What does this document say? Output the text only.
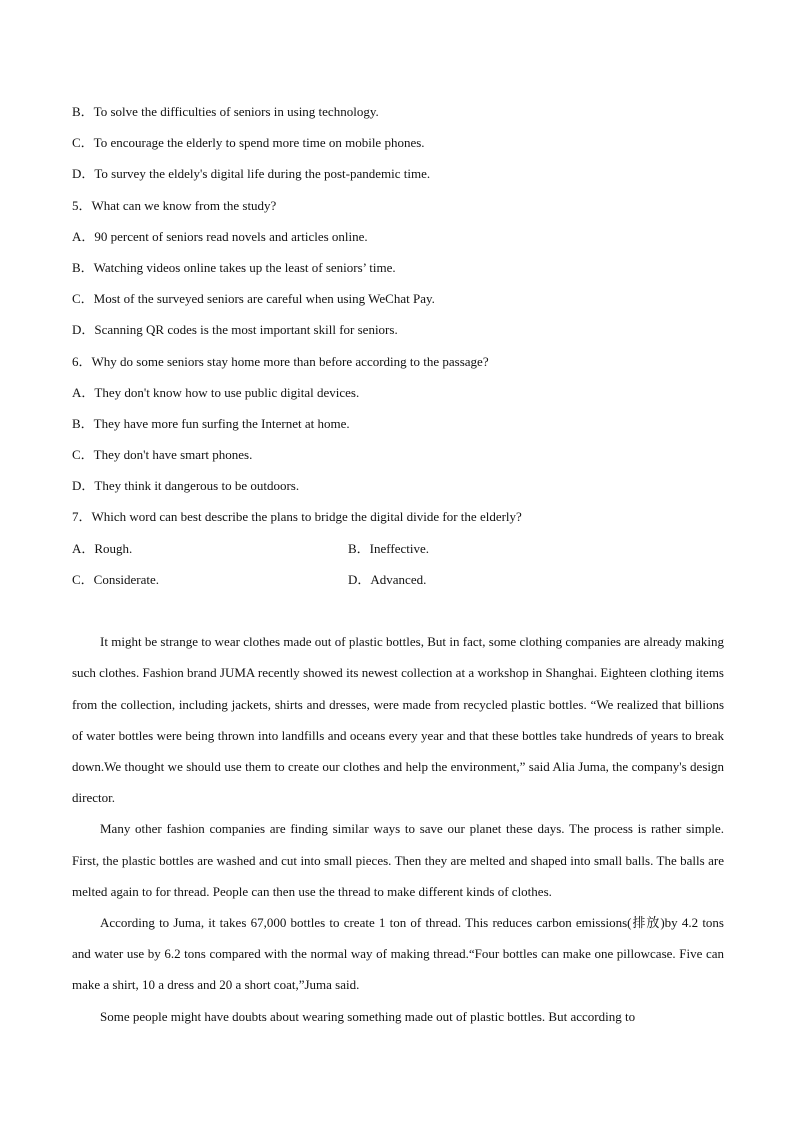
B．To solve the difficulties of seniors in using technology.
C．To encourage the elderly to spend more time on mobile phones.
D．To survey the eldely's digital life during the post-pandemic time.
5．What can we know from the study?
A．90 percent of seniors read novels and articles online.
B．Watching videos online takes up the least of seniors’ time.
C．Most of the surveyed seniors are careful when using WeChat Pay.
D．Scanning QR codes is the most important skill for seniors.
6．Why do some seniors stay home more than before according to the passage?
A．They don't know how to use public digital devices.
B．They have more fun surfing the Internet at home.
C．They don't have smart phones.
D．They think it dangerous to be outdoors.
7．Which word can best describe the plans to bridge the digital divide for the elderly?
A．Rough.	B．Ineffective.
C．Considerate.	D．Advanced.

It might be strange to wear clothes made out of plastic bottles, But in fact, some clothing companies are already making such clothes. Fashion brand JUMA recently showed its newest collection at a workshop in Shanghai. Eighteen clothing items from the collection, including jackets, shirts and dresses, were made from recycled plastic bottles. “We realized that billions of water bottles were being thrown into landfills and oceans every year and that these bottles take hundreds of years to break down.We thought we should use them to create our clothes and help the environment,” said Alia Juma, the company's design director.

Many other fashion companies are finding similar ways to save our planet these days. The process is rather simple. First, the plastic bottles are washed and cut into small pieces. Then they are melted and shaped into small balls. The balls are melted again to for thread. People can then use the thread to make different kinds of clothes.

According to Juma, it takes 67,000 bottles to create 1 ton of thread. This reduces carbon emissions(排放)by 4.2 tons and water use by 6.2 tons compared with the normal way of making thread.“Four bottles can make one pillowcase. Five can make a shirt, 10 a dress and 20 a short coat,”Juma said.

Some people might have doubts about wearing something made out of plastic bottles. But according to
